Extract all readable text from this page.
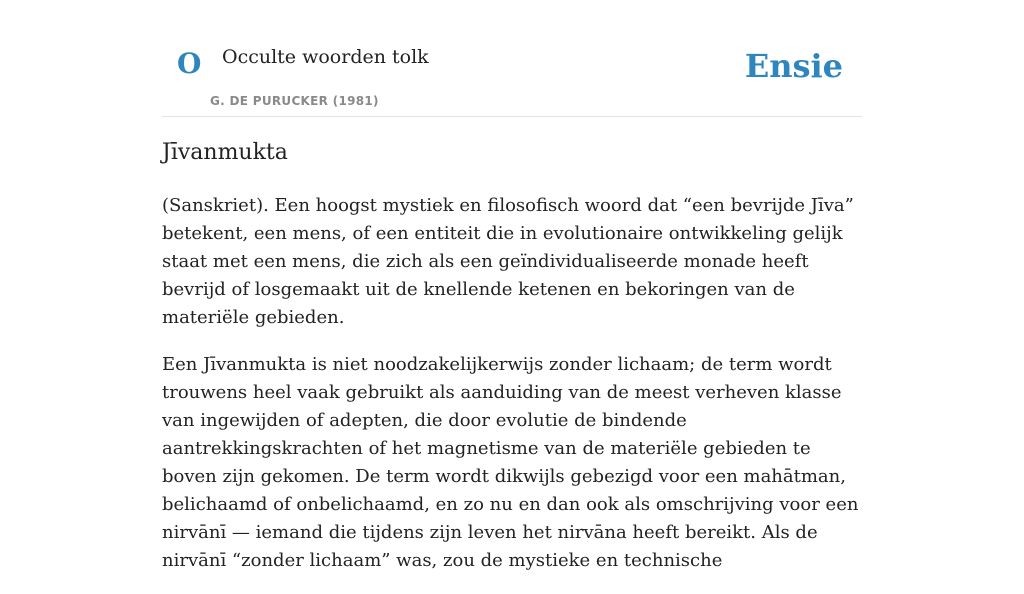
O Occulte woorden tolk
G. DE PURUCKER (1981)
Ensie
Jīvanmukta

(Sanskriet). Een hoogst mystiek en filosofisch woord dat “een bevrijde Jīva” betekent, een mens, of een entiteit die in evolutionaire ontwikkeling gelijk staat met een mens, die zich als een geïndividualiseerde monade heeft bevrijd of losgemaakt uit de knellende ketenen en bekoringen van de materiële gebieden.

Een Jīvanmukta is niet noodzakelijkerwijs zonder lichaam; de term wordt trouwens heel vaak gebruikt als aanduiding van de meest verheven klasse van ingewijden of adepten, die door evolutie de bindende aantrekkingskrachten of het magnetisme van de materiële gebieden te boven zijn gekomen. De term wordt dikwijls gebezigd voor een mahātman, belichaamd of onbelichaamd, en zo nu en dan ook als omschrijving voor een nirvānī — iemand die tijdens zijn leven het nirvāna heeft bereikt. Als de nirvānī “zonder lichaam” was, zou de mystieke en technische
